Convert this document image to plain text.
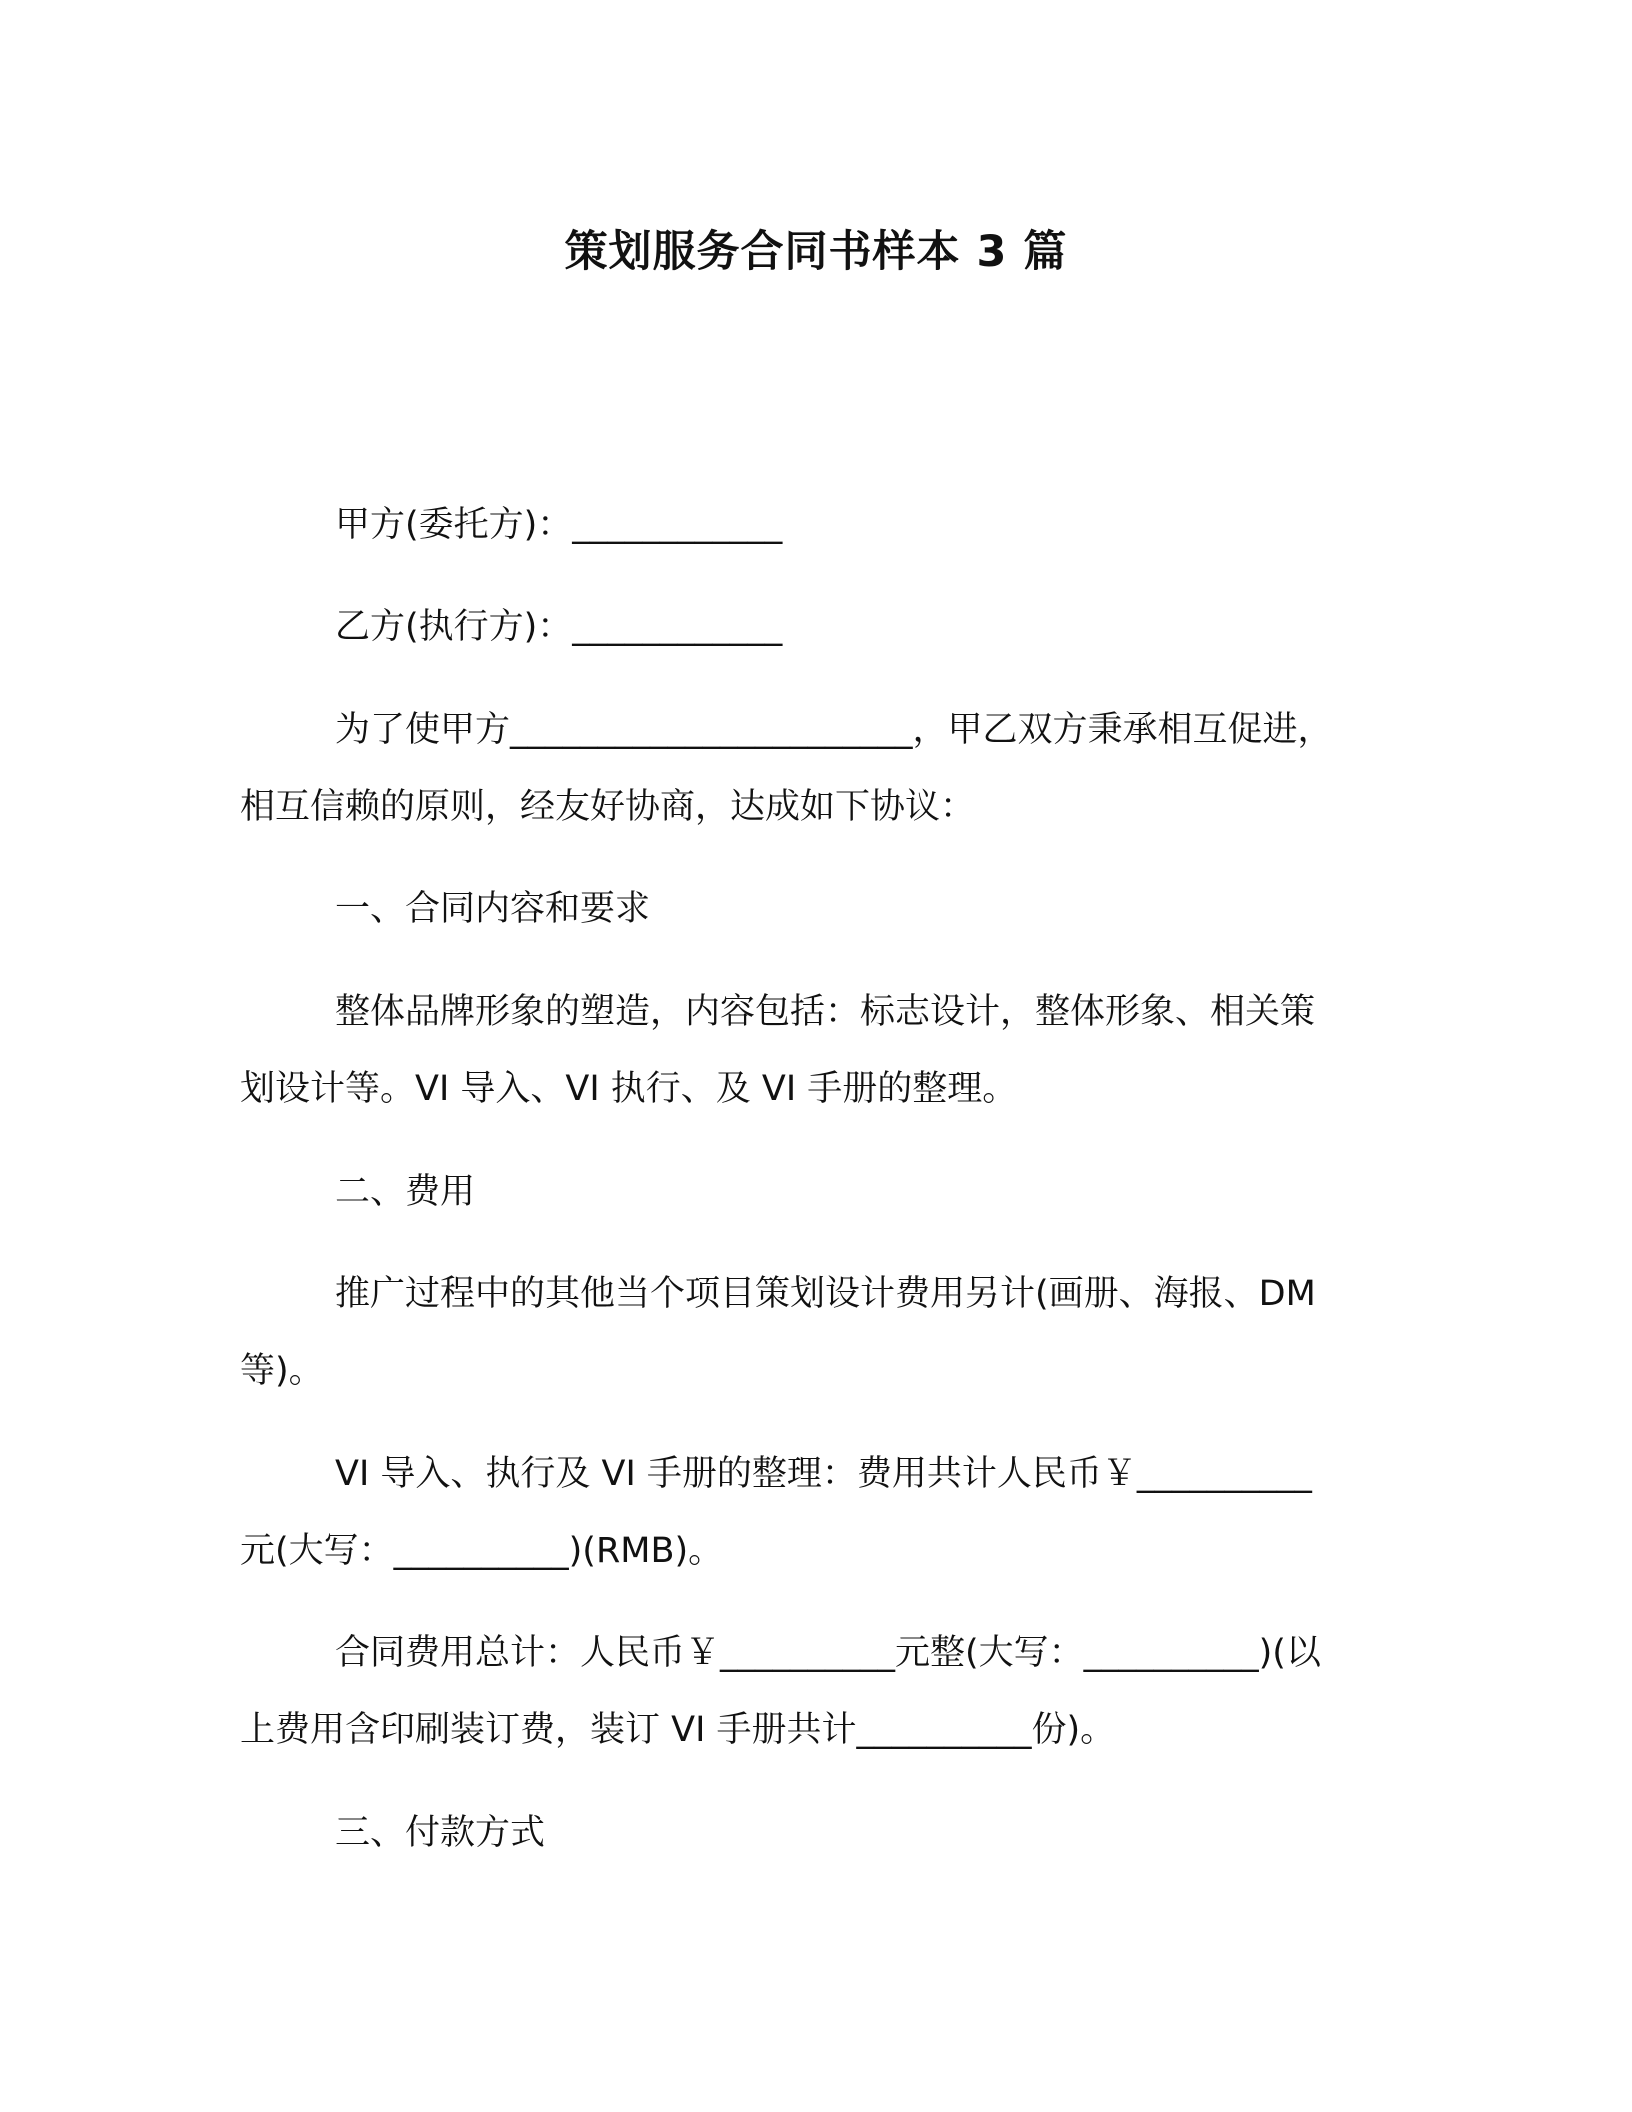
策划服务合同书样本 3 篇

甲方(委托方)：____________

乙方(执行方)：____________

为了使甲方_______________________，甲乙双方秉承相互促进，
相互信赖的原则，经友好协商，达成如下协议：

一、合同内容和要求

整体品牌形象的塑造，内容包括：标志设计，整体形象、相关策
划设计等。VI 导入、VI 执行、及 VI 手册的整理。

二、费用

推广过程中的其他当个项目策划设计费用另计(画册、海报、DM
等)。

VI 导入、执行及 VI 手册的整理：费用共计人民币￥__________
元(大写：__________)(RMB)。

合同费用总计：人民币￥__________元整(大写：__________)(以
上费用含印刷装订费，装订 VI 手册共计__________份)。

三、付款方式
